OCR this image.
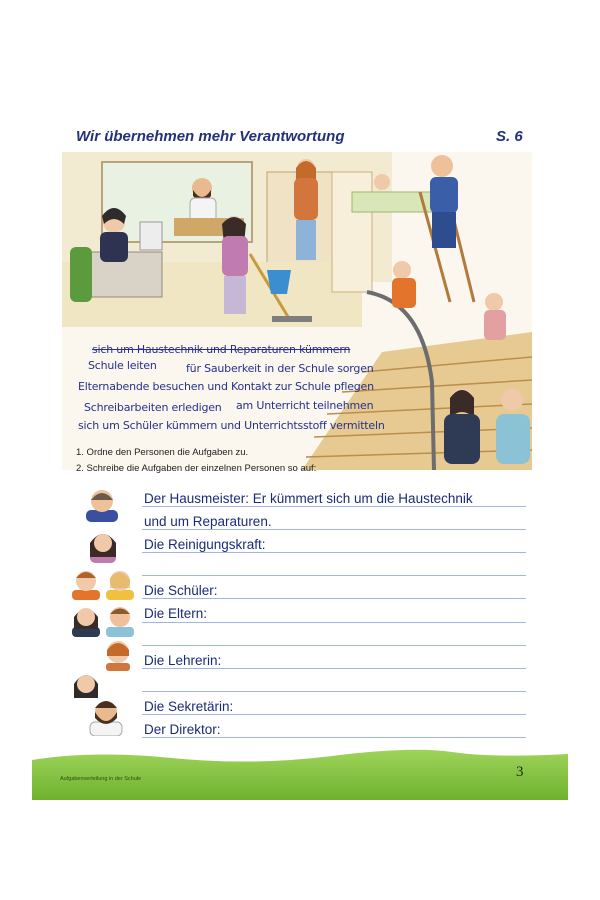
Wir übernehmen mehr Verantwortung	S. 6
sich um Haustechnik und Reparaturen kümmern
Schule leiten	für Sauberkeit in der Schule sorgen
Elternabende besuchen und Kontakt zur Schule pflegen
Schreibarbeiten erledigen am Unterricht teilnehmen
sich um Schüler kümmern und Unterrichtsstoff vermitteln
1. Ordne den Personen die Aufgaben zu.
2. Schreibe die Aufgaben der einzelnen Personen so auf:
Der Hausmeister: Er kümmert sich um die Haustechnik
und um Reparaturen.
Die Reinigungskraft:
Die Schüler:
Die Eltern:
Die Lehrerin:
Die Sekretärin:
Der Direktor:
Aufgabenverteilung in der Schule	3
